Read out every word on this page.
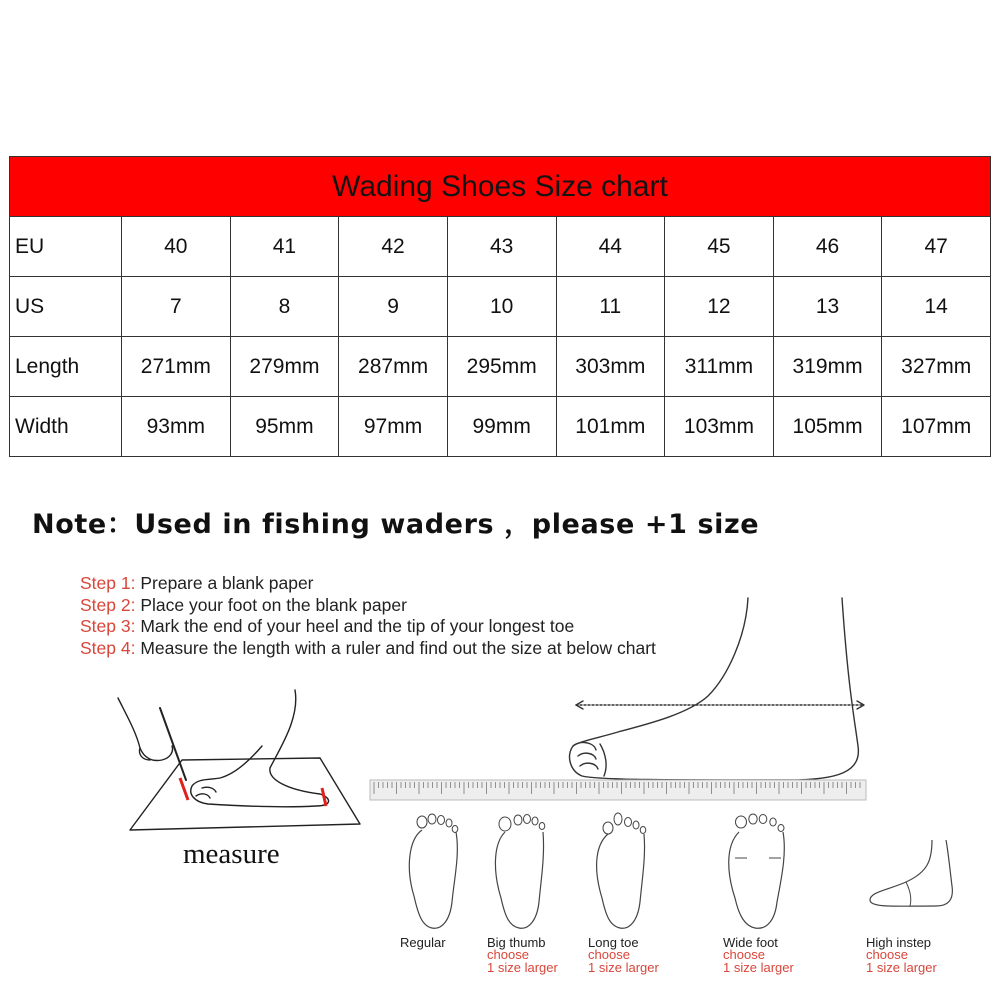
Wading Shoes Size chart								
EU	40	41	42	43	44	45	46	47
US	7	8	9	10	11	12	13	14
Length	271mm	279mm	287mm	295mm	303mm	311mm	319mm	327mm
Width	93mm	95mm	97mm	99mm	101mm	103mm	105mm	107mm

Note：Used in fishing waders ，please +1 size

Step 1: Prepare a blank paper
Step 2: Place your foot on the blank paper
Step 3: Mark the end of your heel and the tip of your longest toe
Step 4: Measure the length with a ruler and find out the size at below chart

measure

Regular	Big thumb
choose
1 size larger
Long toe
choose
1 size larger
Wide foot
choose
1 size larger
High instep
choose
1 size larger
